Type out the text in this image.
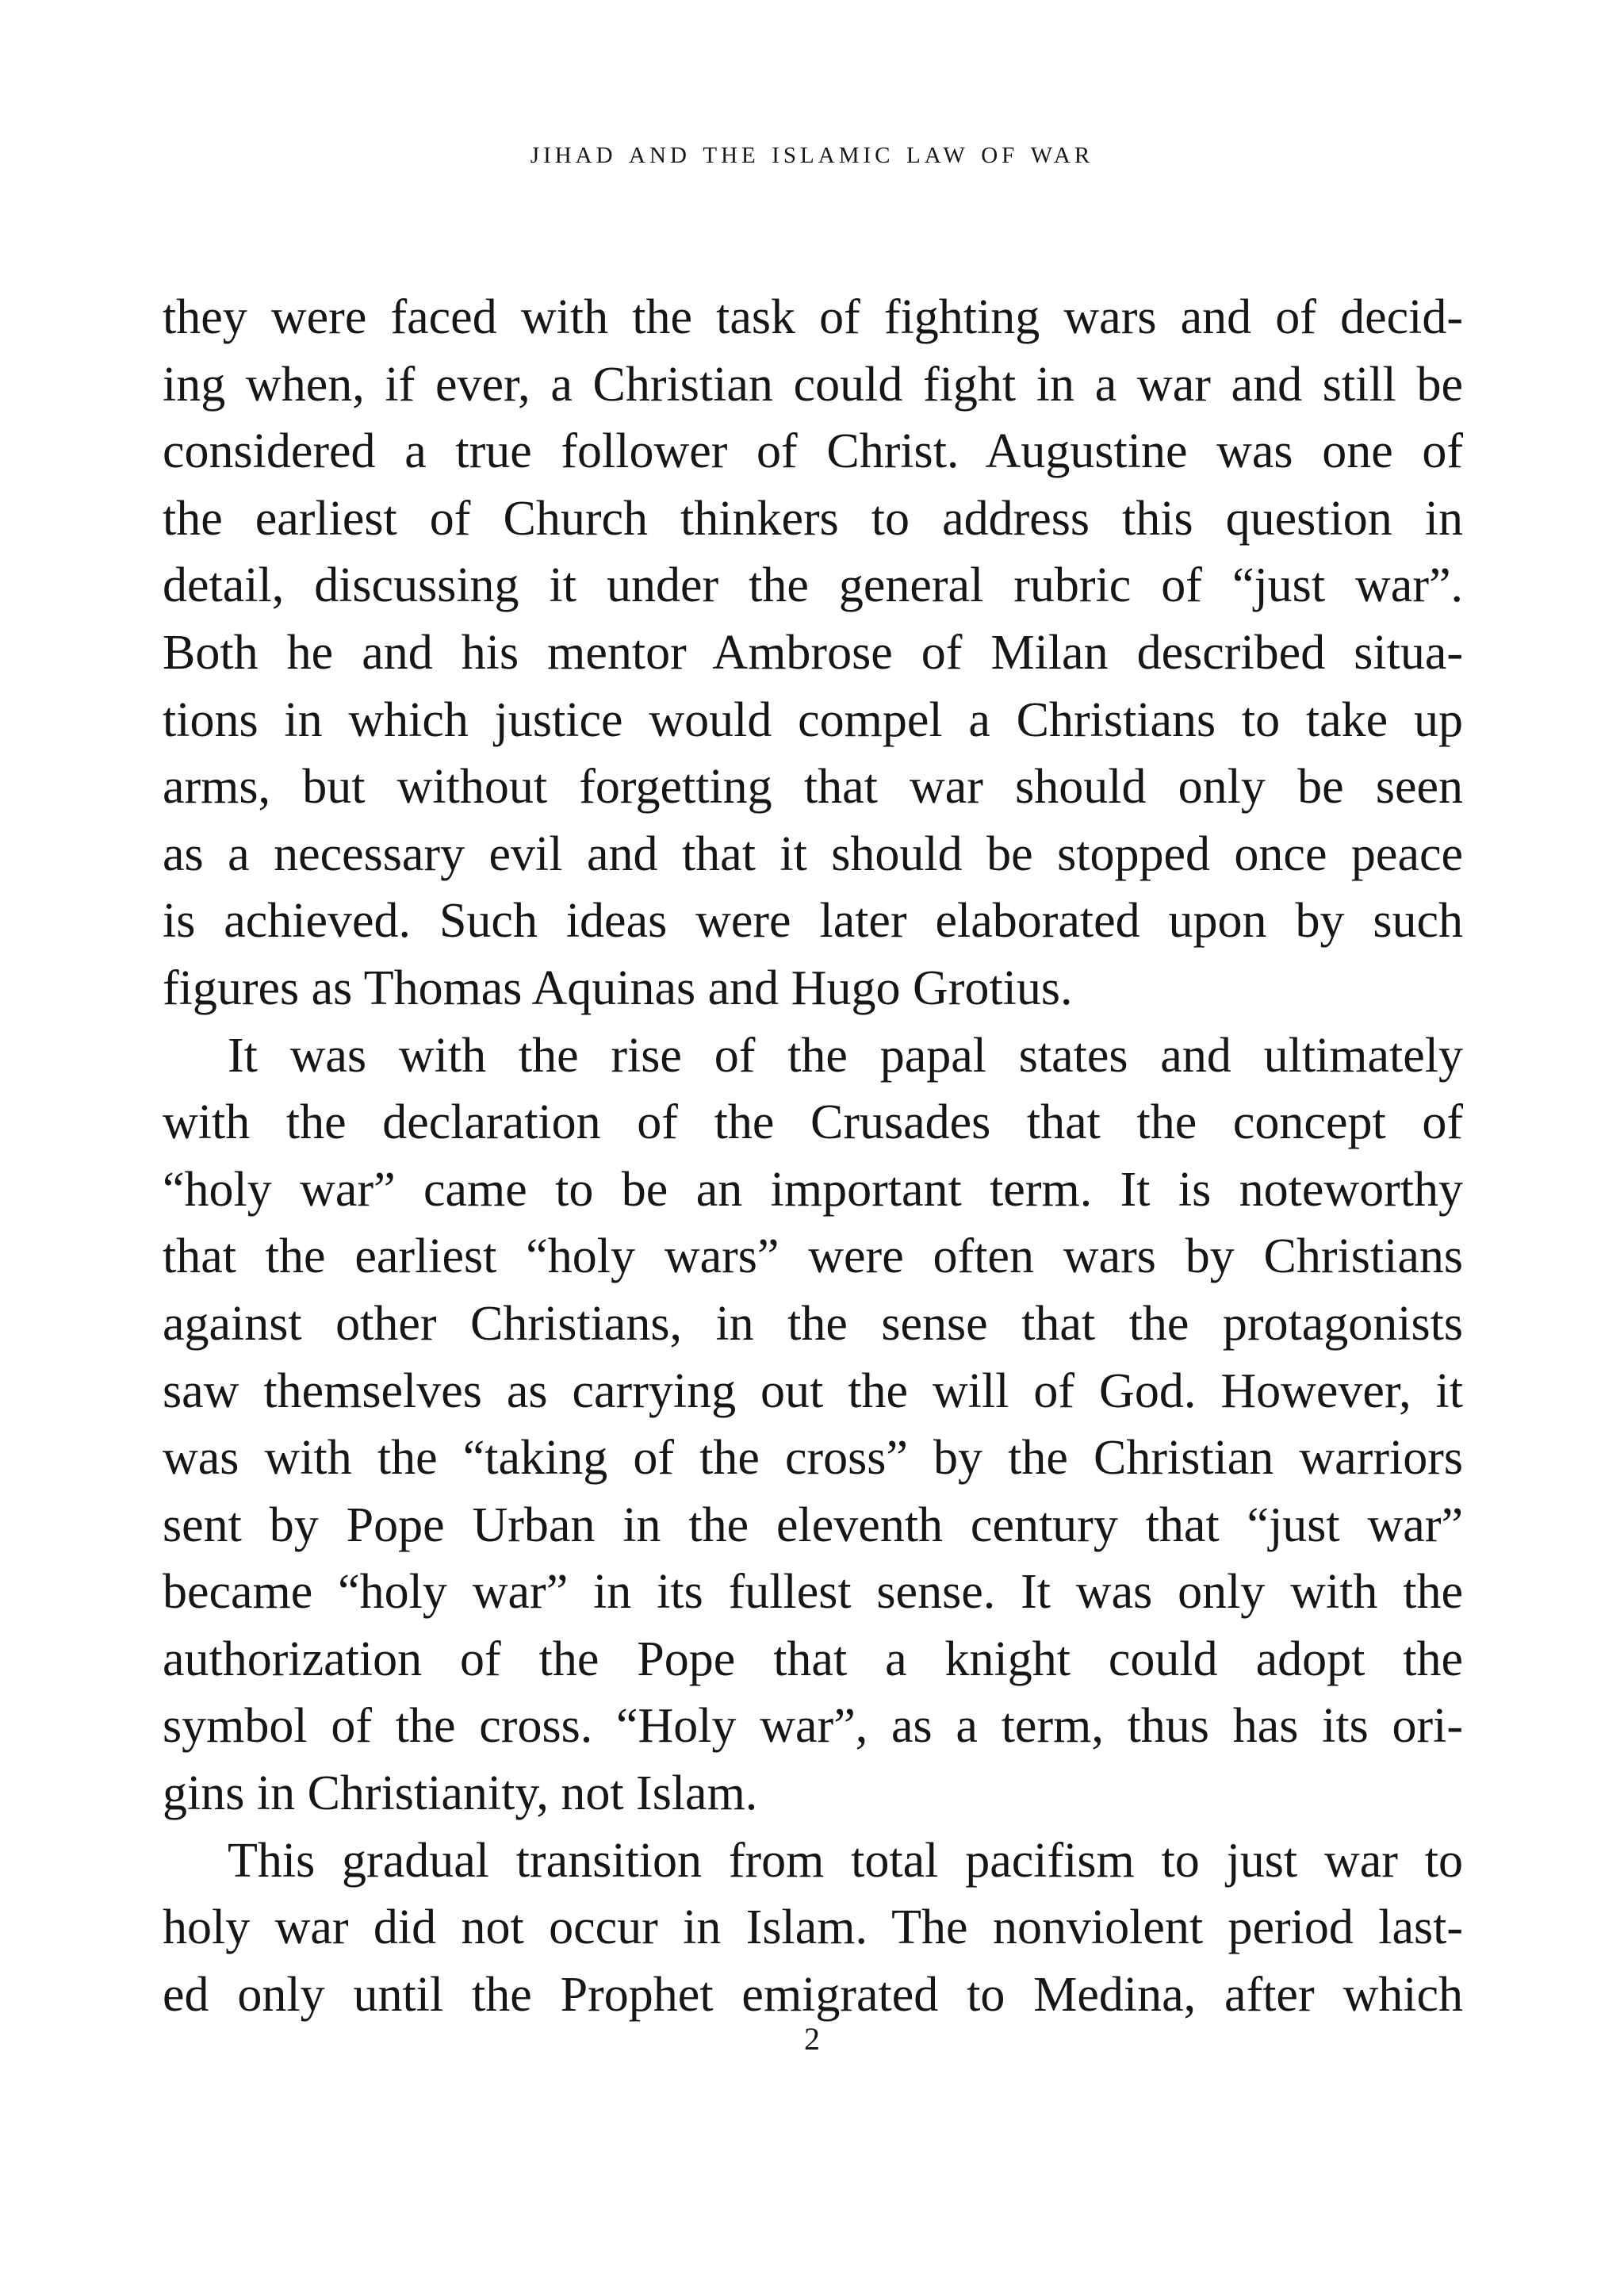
jihad and the islamic law of war
they were faced with the task of fighting wars and of decid-
ing when, if ever, a Christian could fight in a war and still be
considered a true follower of Christ. Augustine was one of
the earliest of Church thinkers to address this question in
detail, discussing it under the general rubric of “just war”.
Both he and his mentor Ambrose of Milan described situa-
tions in which justice would compel a Christians to take up
arms, but without forgetting that war should only be seen
as a necessary evil and that it should be stopped once peace
is achieved. Such ideas were later elaborated upon by such
figures as Thomas Aquinas and Hugo Grotius.
It was with the rise of the papal states and ultimately
with the declaration of the Crusades that the concept of
“holy war” came to be an important term. It is noteworthy
that the earliest “holy wars” were often wars by Christians
against other Christians, in the sense that the protagonists
saw themselves as carrying out the will of God. However, it
was with the “taking of the cross” by the Christian warriors
sent by Pope Urban in the eleventh century that “just war”
became “holy war” in its fullest sense. It was only with the
authorization of the Pope that a knight could adopt the
symbol of the cross. “Holy war”, as a term, thus has its ori-
gins in Christianity, not Islam.
This gradual transition from total pacifism to just war to
holy war did not occur in Islam. The nonviolent period last-
ed only until the Prophet emigrated to Medina, after which
2
